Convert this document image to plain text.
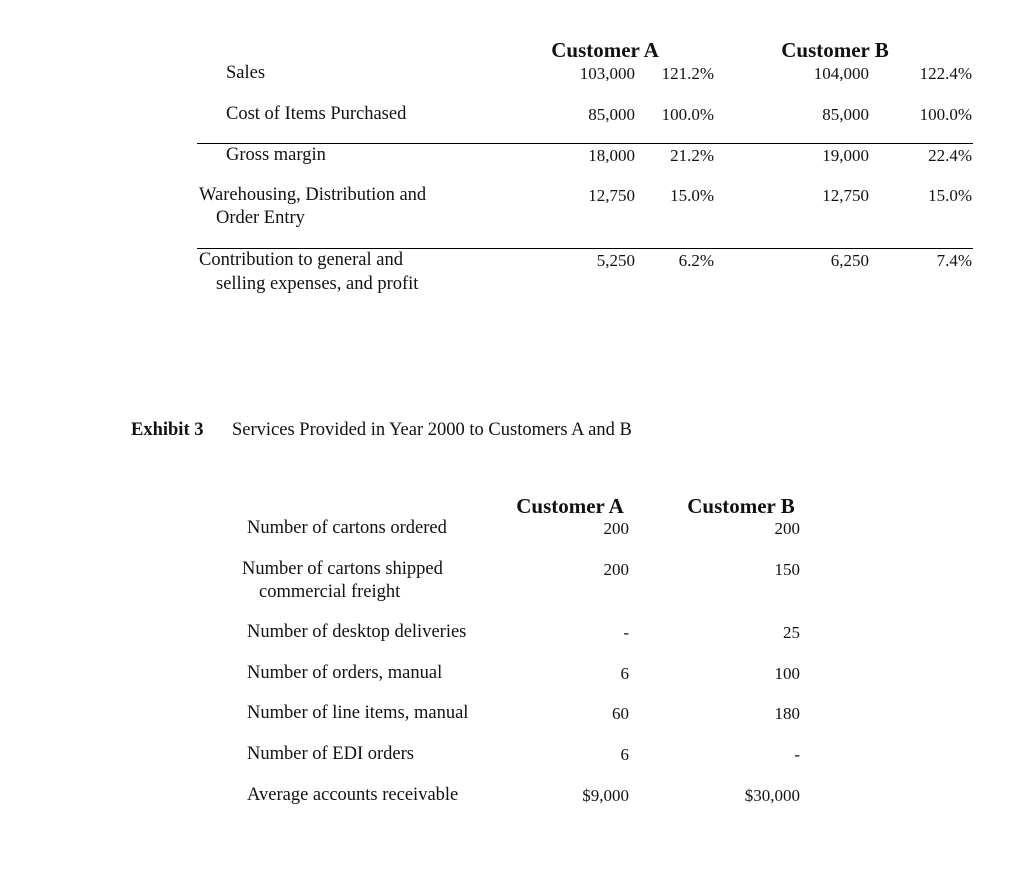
Customer A	Customer B
Sales	103,000	121.2%	104,000	122.4%
Cost of Items Purchased	85,000	100.0%	85,000	100.0%
Gross margin	18,000	21.2%	19,000	22.4%
Warehousing, Distribution and
Order Entry
12,750	15.0%	12,750	15.0%
Contribution to general and
selling expenses, and profit
5,250	6.2%	6,250	7.4%
Exhibit 3 Services Provided in Year 2000 to Customers A and B
Customer A	Customer B
Number of cartons ordered	200	200
Number of cartons shipped
commercial freight
200	150
Number of desktop deliveries	-	25
Number of orders, manual	6	100
Number of line items, manual	60	180
Number of EDI orders	6	-
Average accounts receivable	$9,000	$30,000
